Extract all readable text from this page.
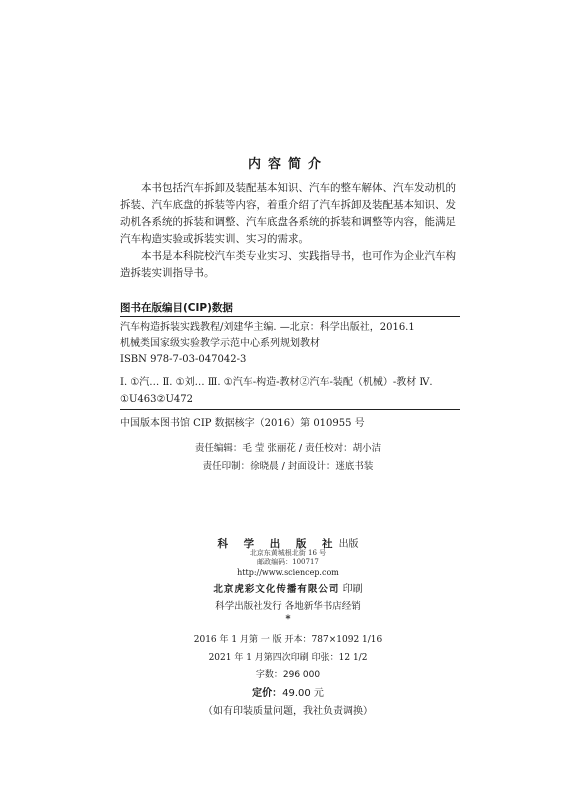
内容简介

本书包括汽车拆卸及装配基本知识、汽车的整车解体、汽车发动机的拆装、汽车底盘的拆装等内容，着重介绍了汽车拆卸及装配基本知识、发动机各系统的拆装和调整、汽车底盘各系统的拆装和调整等内容，能满足汽车构造实验或拆装实训、实习的需求。

本书是本科院校汽车类专业实习、实践指导书，也可作为企业汽车构造拆装实训指导书。

图书在版编目(CIP)数据
汽车构造拆装实践教程/刘建华主编. —北京：科学出版社，2016.1
机械类国家级实验教学示范中心系列规划教材
ISBN 978-7-03-047042-3
Ⅰ. ①汽… Ⅱ. ①刘… Ⅲ. ①汽车-构造-教材②汽车-装配（机械）-教材 Ⅳ. ①U463②U472
中国版本图书馆 CIP 数据核字（2016）第 010955 号
责任编辑：毛 莹 张丽花 / 责任校对：胡小洁
责任印制：徐晓晨 / 封面设计：迷底书装
科 学 出 版 社出版
北京东黄城根北街 16 号
邮政编码：100717
http://www.sciencep.com
北京虎彩文化传播有限公司 印刷
科学出版社发行 各地新华书店经销
*
2016 年 1 月第 一 版 开本：787×1092 1/16
2021 年 1 月第四次印刷 印张：12 1/2
字数：296 000
定价：49.00 元
（如有印装质量问题，我社负责调换）
